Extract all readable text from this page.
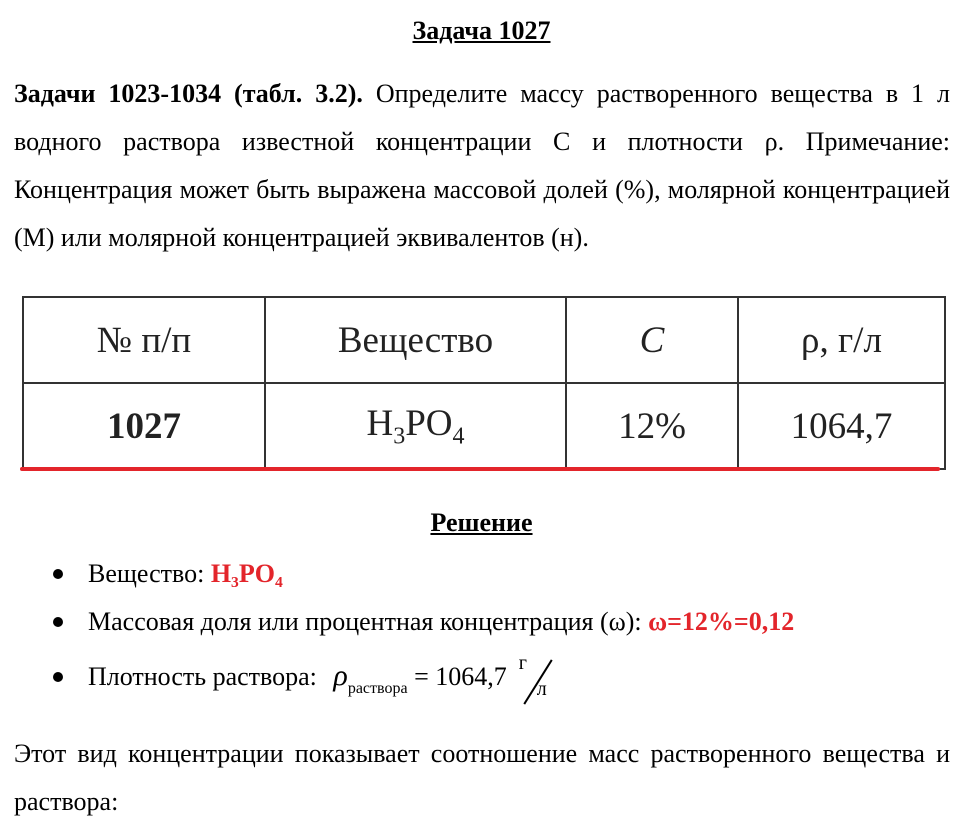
Задача 1027
Задачи 1023-1034 (табл. 3.2). Определите массу растворенного вещества в 1 л водного раствора известной концентрации С и плотности ρ. Примечание: Концентрация может быть выражена массовой долей (%), молярной концентрацией (М) или молярной концентрацией эквивалентов (н).
№ п/п	Вещество	C	ρ, г/л
1027	$H_3PO_4$	12%	1064,7
Решение
Вещество: H₃PO₄
Массовая доля или процентная концентрация (ω): ω=12%=0,12
Плотность раствора: $\rho_{раствора} = 1064,7$ г
л
Этот вид концентрации показывает соотношение масс растворенного вещества и раствора:
